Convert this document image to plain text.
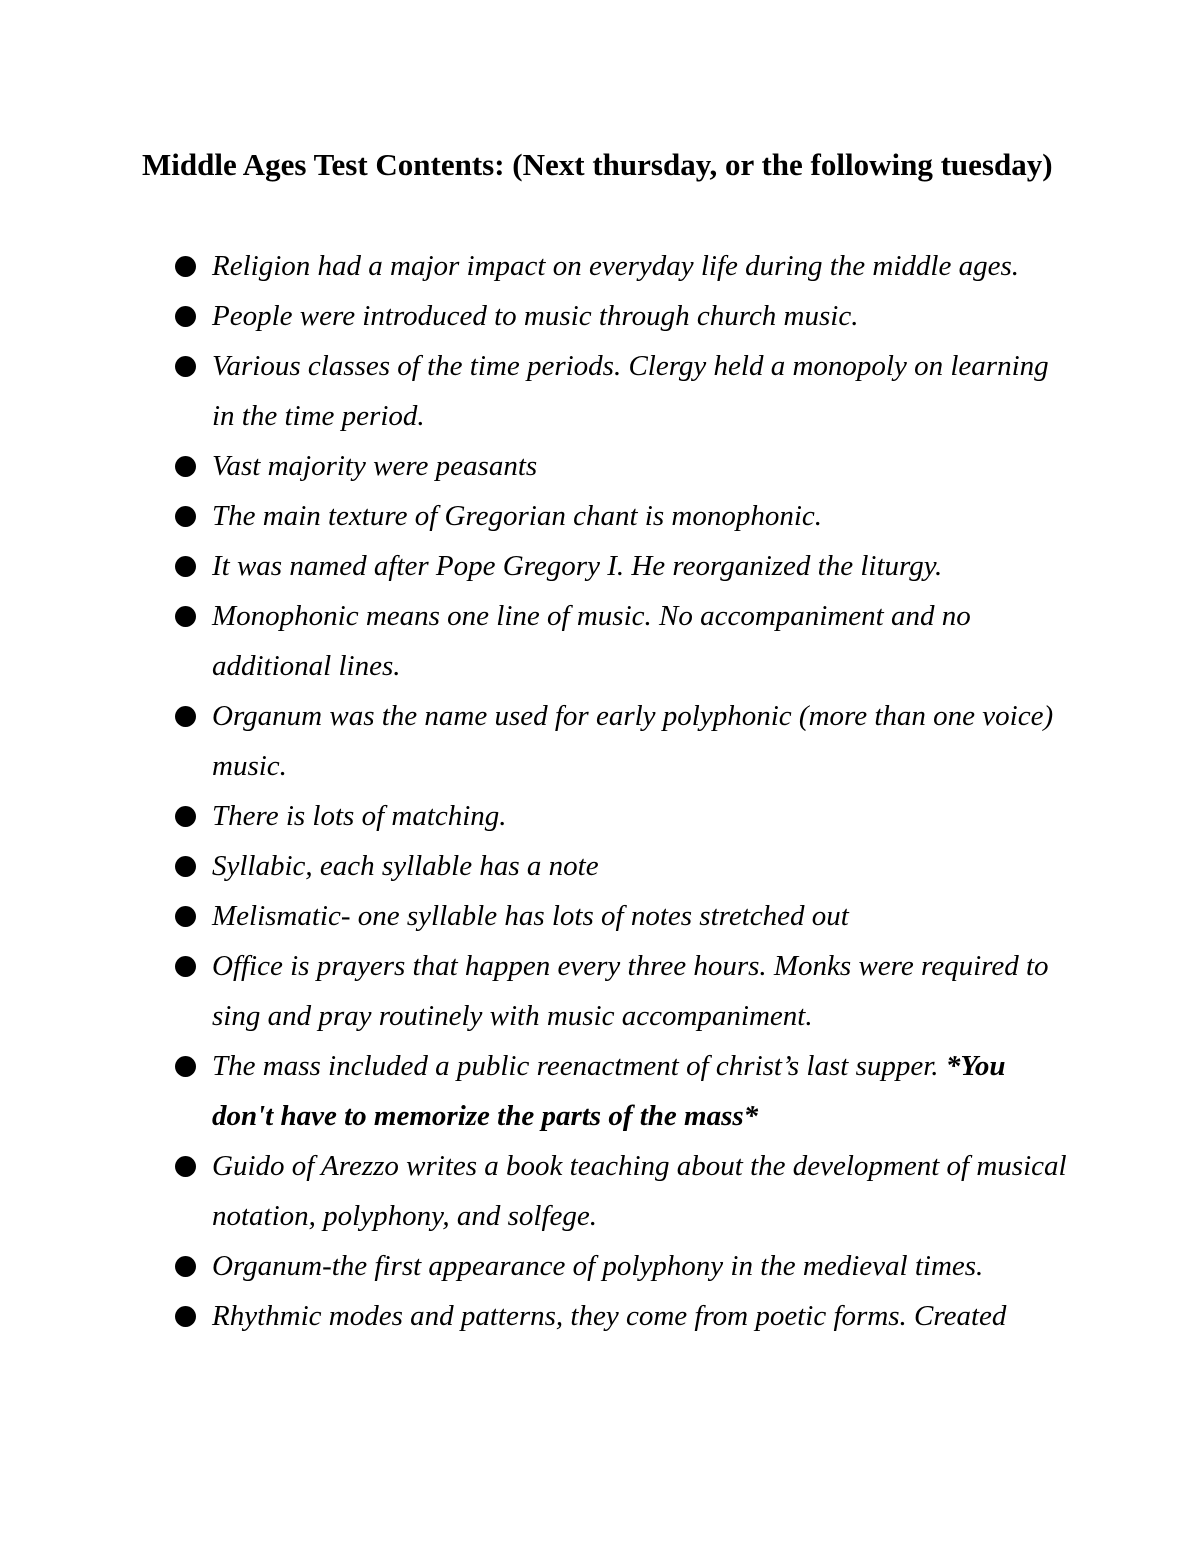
Middle Ages Test Contents: (Next thursday, or the following tuesday)
Religion had a major impact on everyday life during the middle ages.
People were introduced to music through church music.
Various classes of the time periods. Clergy held a monopoly on learning in the time period.
Vast majority were peasants
The main texture of Gregorian chant is monophonic.
It was named after Pope Gregory I. He reorganized the liturgy.
Monophonic means one line of music. No accompaniment and no additional lines.
Organum was the name used for early polyphonic (more than one voice) music.
There is lots of matching.
Syllabic, each syllable has a note
Melismatic- one syllable has lots of notes stretched out
Office is prayers that happen every three hours. Monks were required to sing and pray routinely with music accompaniment.
The mass included a public reenactment of christ’s last supper. *You don't have to memorize the parts of the mass*
Guido of Arezzo writes a book teaching about the development of musical notation, polyphony, and solfege.
Organum-the first appearance of polyphony in the medieval times.
Rhythmic modes and patterns, they come from poetic forms. Created
